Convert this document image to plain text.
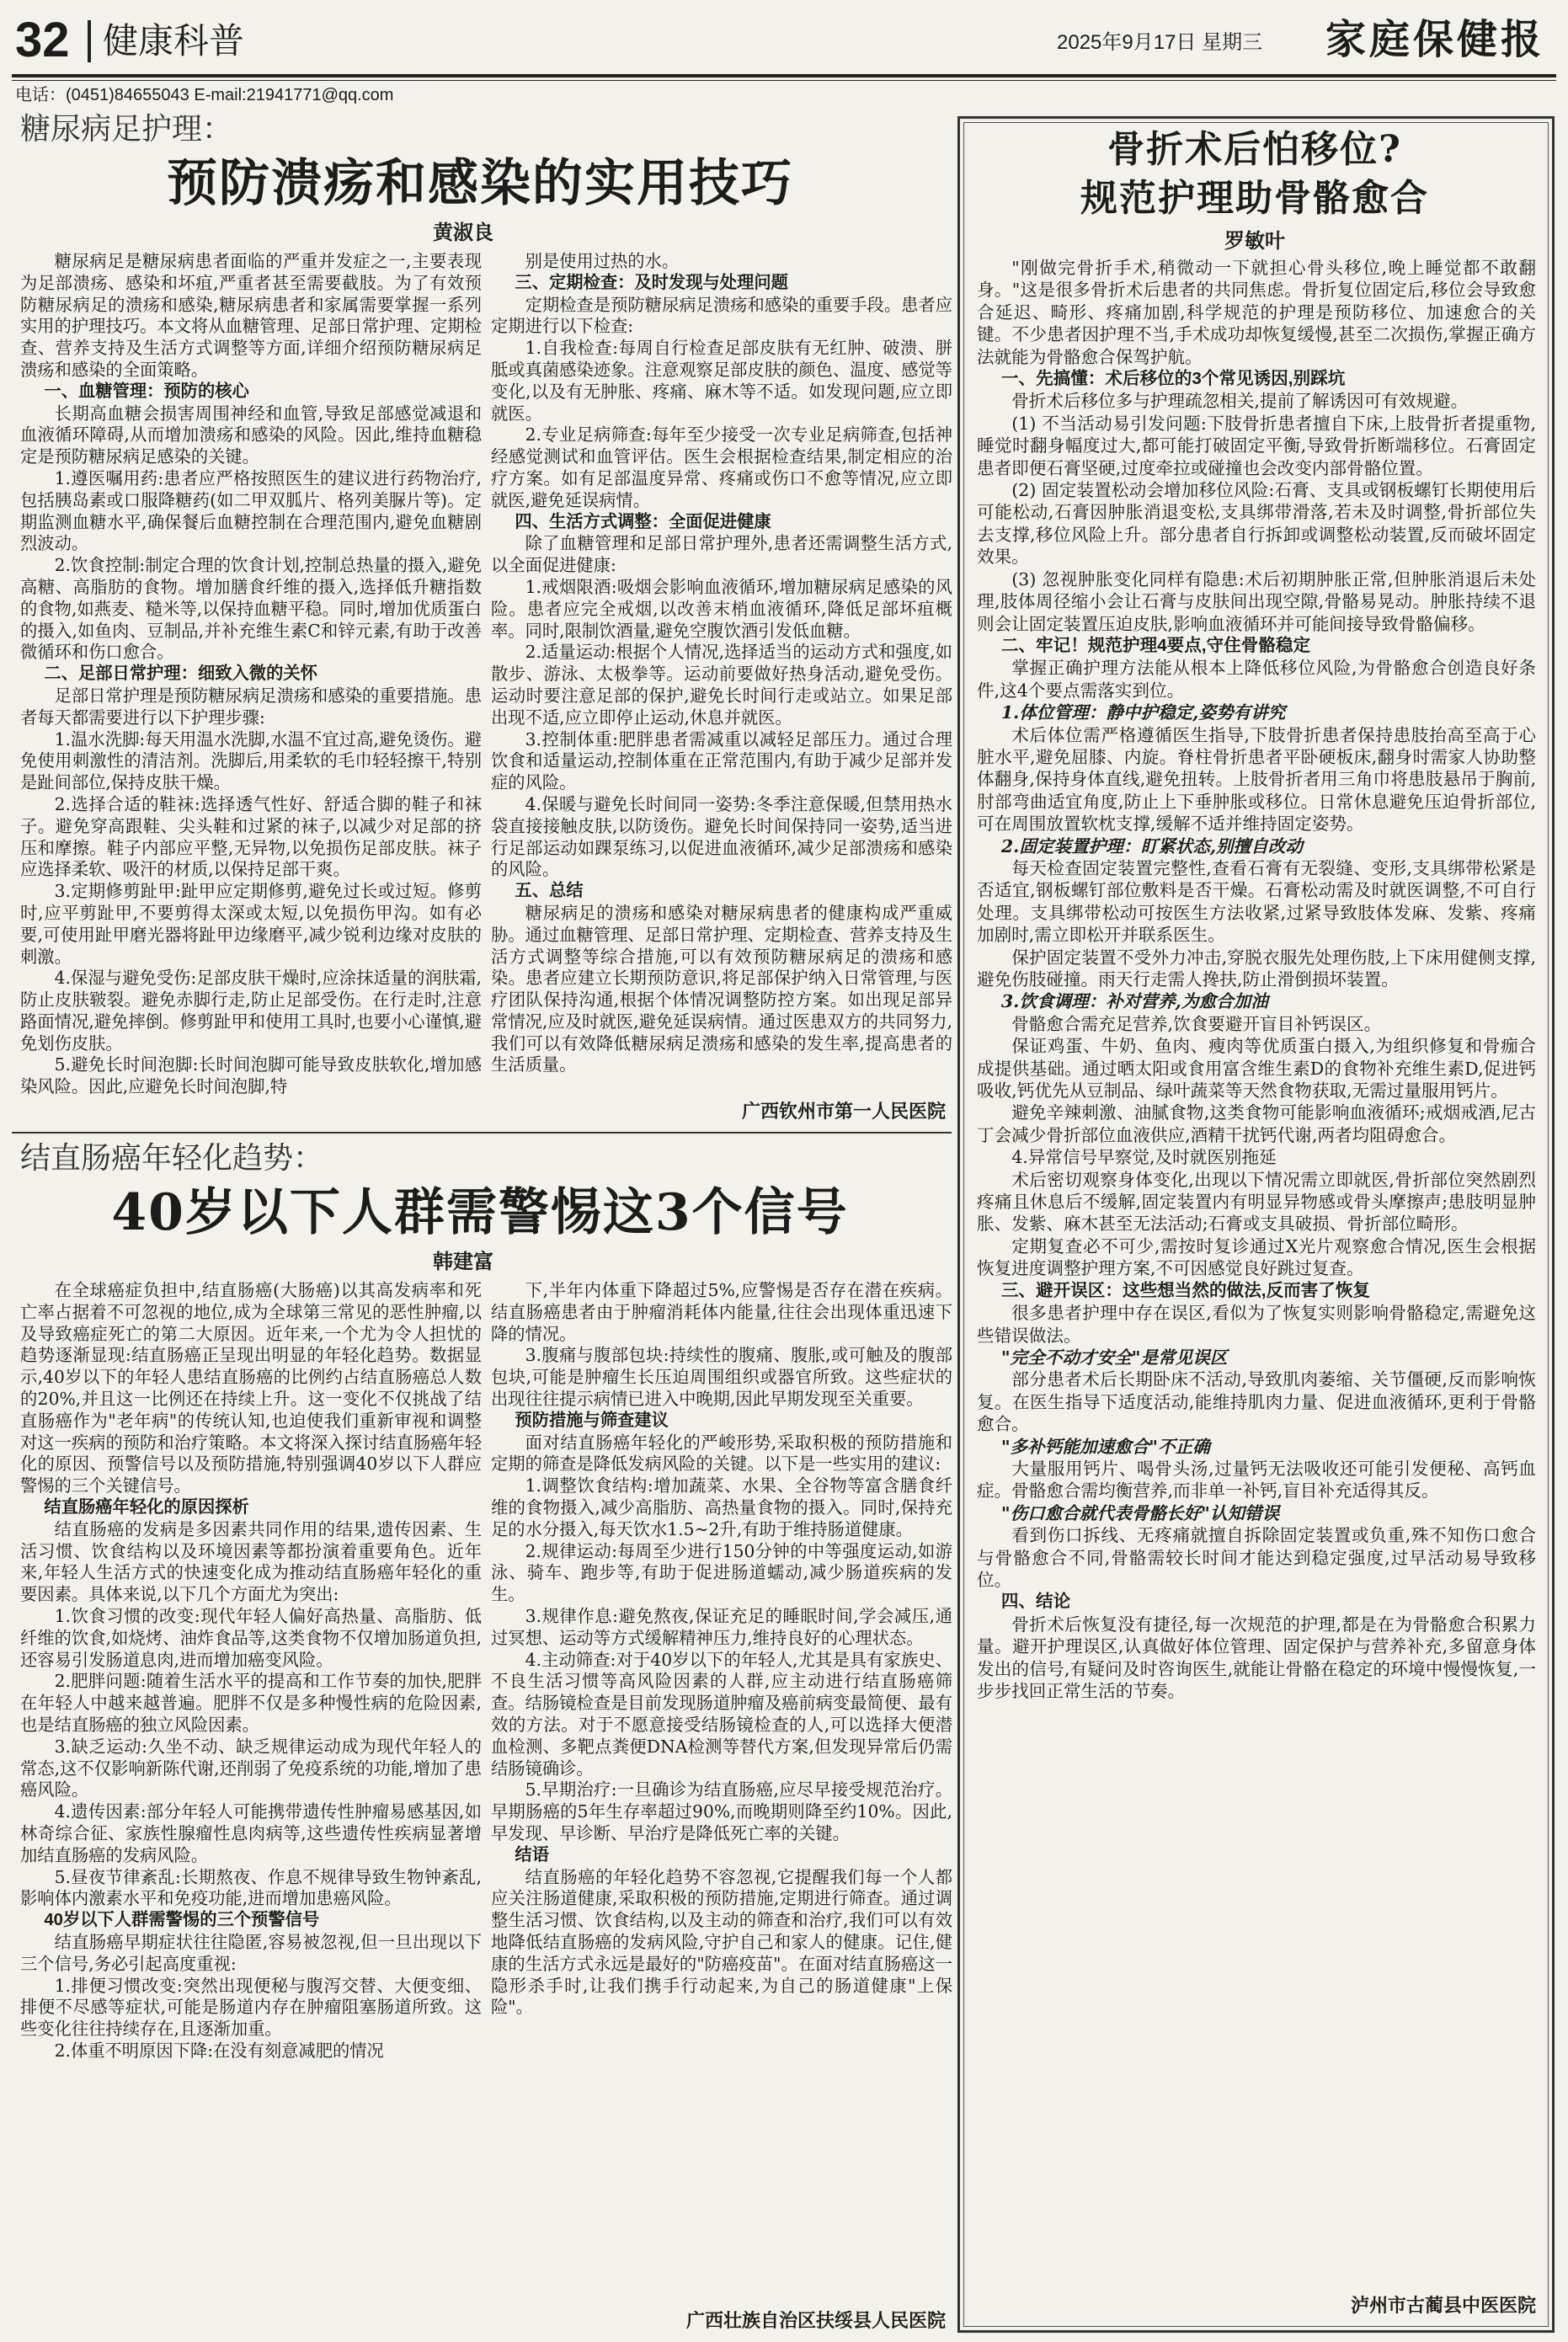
32 健康科普	2025年9月17日 星期三 家庭保健报
电话：(0451)84655043 E-mail:21941771@qq.com
糖尿病足护理：
预防溃疡和感染的实用技巧
黄淑良

糖尿病足是糖尿病患者面临的严重并发症之一,主要表现为足部溃疡、感染和坏疽,严重者甚至需要截肢。为了有效预防糖尿病足的溃疡和感染,糖尿病患者和家属需要掌握一系列实用的护理技巧。本文将从血糖管理、足部日常护理、定期检查、营养支持及生活方式调整等方面,详细介绍预防糖尿病足溃疡和感染的全面策略。

一、血糖管理：预防的核心

长期高血糖会损害周围神经和血管,导致足部感觉减退和血液循环障碍,从而增加溃疡和感染的风险。因此,维持血糖稳定是预防糖尿病足感染的关键。

1.遵医嘱用药:患者应严格按照医生的建议进行药物治疗,包括胰岛素或口服降糖药(如二甲双胍片、格列美脲片等)。定期监测血糖水平,确保餐后血糖控制在合理范围内,避免血糖剧烈波动。

2.饮食控制:制定合理的饮食计划,控制总热量的摄入,避免高糖、高脂肪的食物。增加膳食纤维的摄入,选择低升糖指数的食物,如燕麦、糙米等,以保持血糖平稳。同时,增加优质蛋白的摄入,如鱼肉、豆制品,并补充维生素C和锌元素,有助于改善微循环和伤口愈合。

二、足部日常护理：细致入微的关怀

足部日常护理是预防糖尿病足溃疡和感染的重要措施。患者每天都需要进行以下护理步骤:

1.温水洗脚:每天用温水洗脚,水温不宜过高,避免烫伤。避免使用刺激性的清洁剂。洗脚后,用柔软的毛巾轻轻擦干,特别是趾间部位,保持皮肤干燥。

2.选择合适的鞋袜:选择透气性好、舒适合脚的鞋子和袜子。避免穿高跟鞋、尖头鞋和过紧的袜子,以减少对足部的挤压和摩擦。鞋子内部应平整,无异物,以免损伤足部皮肤。袜子应选择柔软、吸汗的材质,以保持足部干爽。

3.定期修剪趾甲:趾甲应定期修剪,避免过长或过短。修剪时,应平剪趾甲,不要剪得太深或太短,以免损伤甲沟。如有必要,可使用趾甲磨光器将趾甲边缘磨平,减少锐利边缘对皮肤的刺激。

4.保湿与避免受伤:足部皮肤干燥时,应涂抹适量的润肤霜,防止皮肤皲裂。避免赤脚行走,防止足部受伤。在行走时,注意路面情况,避免摔倒。修剪趾甲和使用工具时,也要小心谨慎,避免划伤皮肤。

5.避免长时间泡脚:长时间泡脚可能导致皮肤软化,增加感染风险。因此,应避免长时间泡脚,特

别是使用过热的水。

三、定期检查：及时发现与处理问题

定期检查是预防糖尿病足溃疡和感染的重要手段。患者应定期进行以下检查:

1.自我检查:每周自行检查足部皮肤有无红肿、破溃、胼胝或真菌感染迹象。注意观察足部皮肤的颜色、温度、感觉等变化,以及有无肿胀、疼痛、麻木等不适。如发现问题,应立即就医。

2.专业足病筛查:每年至少接受一次专业足病筛查,包括神经感觉测试和血管评估。医生会根据检查结果,制定相应的治疗方案。如有足部温度异常、疼痛或伤口不愈等情况,应立即就医,避免延误病情。

四、生活方式调整：全面促进健康

除了血糖管理和足部日常护理外,患者还需调整生活方式,以全面促进健康:

1.戒烟限酒:吸烟会影响血液循环,增加糖尿病足感染的风险。患者应完全戒烟,以改善末梢血液循环,降低足部坏疽概率。同时,限制饮酒量,避免空腹饮酒引发低血糖。

2.适量运动:根据个人情况,选择适当的运动方式和强度,如散步、游泳、太极拳等。运动前要做好热身活动,避免受伤。运动时要注意足部的保护,避免长时间行走或站立。如果足部出现不适,应立即停止运动,休息并就医。

3.控制体重:肥胖患者需减重以减轻足部压力。通过合理饮食和适量运动,控制体重在正常范围内,有助于减少足部并发症的风险。

4.保暖与避免长时间同一姿势:冬季注意保暖,但禁用热水袋直接接触皮肤,以防烫伤。避免长时间保持同一姿势,适当进行足部运动如踝泵练习,以促进血液循环,减少足部溃疡和感染的风险。

五、总结

糖尿病足的溃疡和感染对糖尿病患者的健康构成严重威胁。通过血糖管理、足部日常护理、定期检查、营养支持及生活方式调整等综合措施,可以有效预防糖尿病足的溃疡和感染。患者应建立长期预防意识,将足部保护纳入日常管理,与医疗团队保持沟通,根据个体情况调整防控方案。如出现足部异常情况,应及时就医,避免延误病情。通过医患双方的共同努力,我们可以有效降低糖尿病足溃疡和感染的发生率,提高患者的生活质量。

广西钦州市第一人民医院
结直肠癌年轻化趋势：
40岁以下人群需警惕这3个信号
韩建富

在全球癌症负担中,结直肠癌(大肠癌)以其高发病率和死亡率占据着不可忽视的地位,成为全球第三常见的恶性肿瘤,以及导致癌症死亡的第二大原因。近年来,一个尤为令人担忧的趋势逐渐显现:结直肠癌正呈现出明显的年轻化趋势。数据显示,40岁以下的年轻人患结直肠癌的比例约占结直肠癌总人数的20%,并且这一比例还在持续上升。这一变化不仅挑战了结直肠癌作为"老年病"的传统认知,也迫使我们重新审视和调整对这一疾病的预防和治疗策略。本文将深入探讨结直肠癌年轻化的原因、预警信号以及预防措施,特别强调40岁以下人群应警惕的三个关键信号。

结直肠癌年轻化的原因探析

结直肠癌的发病是多因素共同作用的结果,遗传因素、生活习惯、饮食结构以及环境因素等都扮演着重要角色。近年来,年轻人生活方式的快速变化成为推动结直肠癌年轻化的重要因素。具体来说,以下几个方面尤为突出:

1.饮食习惯的改变:现代年轻人偏好高热量、高脂肪、低纤维的饮食,如烧烤、油炸食品等,这类食物不仅增加肠道负担,还容易引发肠道息肉,进而增加癌变风险。

2.肥胖问题:随着生活水平的提高和工作节奏的加快,肥胖在年轻人中越来越普遍。肥胖不仅是多种慢性病的危险因素,也是结直肠癌的独立风险因素。

3.缺乏运动:久坐不动、缺乏规律运动成为现代年轻人的常态,这不仅影响新陈代谢,还削弱了免疫系统的功能,增加了患癌风险。

4.遗传因素:部分年轻人可能携带遗传性肿瘤易感基因,如林奇综合征、家族性腺瘤性息肉病等,这些遗传性疾病显著增加结直肠癌的发病风险。

5.昼夜节律紊乱:长期熬夜、作息不规律导致生物钟紊乱,影响体内激素水平和免疫功能,进而增加患癌风险。

40岁以下人群需警惕的三个预警信号

结直肠癌早期症状往往隐匿,容易被忽视,但一旦出现以下三个信号,务必引起高度重视:

1.排便习惯改变:突然出现便秘与腹泻交替、大便变细、排便不尽感等症状,可能是肠道内存在肿瘤阻塞肠道所致。这些变化往往持续存在,且逐渐加重。

2.体重不明原因下降:在没有刻意减肥的情况

下,半年内体重下降超过5%,应警惕是否存在潜在疾病。结直肠癌患者由于肿瘤消耗体内能量,往往会出现体重迅速下降的情况。

3.腹痛与腹部包块:持续性的腹痛、腹胀,或可触及的腹部包块,可能是肿瘤生长压迫周围组织或器官所致。这些症状的出现往往提示病情已进入中晚期,因此早期发现至关重要。

预防措施与筛查建议

面对结直肠癌年轻化的严峻形势,采取积极的预防措施和定期的筛查是降低发病风险的关键。以下是一些实用的建议:

1.调整饮食结构:增加蔬菜、水果、全谷物等富含膳食纤维的食物摄入,减少高脂肪、高热量食物的摄入。同时,保持充足的水分摄入,每天饮水1.5~2升,有助于维持肠道健康。

2.规律运动:每周至少进行150分钟的中等强度运动,如游泳、骑车、跑步等,有助于促进肠道蠕动,减少肠道疾病的发生。

3.规律作息:避免熬夜,保证充足的睡眠时间,学会减压,通过冥想、运动等方式缓解精神压力,维持良好的心理状态。

4.主动筛查:对于40岁以下的年轻人,尤其是具有家族史、不良生活习惯等高风险因素的人群,应主动进行结直肠癌筛查。结肠镜检查是目前发现肠道肿瘤及癌前病变最简便、最有效的方法。对于不愿意接受结肠镜检查的人,可以选择大便潜血检测、多靶点粪便DNA检测等替代方案,但发现异常后仍需结肠镜确诊。

5.早期治疗:一旦确诊为结直肠癌,应尽早接受规范治疗。早期肠癌的5年生存率超过90%,而晚期则降至约10%。因此,早发现、早诊断、早治疗是降低死亡率的关键。

结语

结直肠癌的年轻化趋势不容忽视,它提醒我们每一个人都应关注肠道健康,采取积极的预防措施,定期进行筛查。通过调整生活习惯、饮食结构,以及主动的筛查和治疗,我们可以有效地降低结直肠癌的发病风险,守护自己和家人的健康。记住,健康的生活方式永远是最好的"防癌疫苗"。在面对结直肠癌这一隐形杀手时,让我们携手行动起来,为自己的肠道健康"上保险"。

广西壮族自治区扶绥县人民医院
骨折术后怕移位?
规范护理助骨骼愈合
罗敏叶

"刚做完骨折手术,稍微动一下就担心骨头移位,晚上睡觉都不敢翻身。"这是很多骨折术后患者的共同焦虑。骨折复位固定后,移位会导致愈合延迟、畸形、疼痛加剧,科学规范的护理是预防移位、加速愈合的关键。不少患者因护理不当,手术成功却恢复缓慢,甚至二次损伤,掌握正确方法就能为骨骼愈合保驾护航。

一、先搞懂：术后移位的3个常见诱因,别踩坑

骨折术后移位多与护理疏忽相关,提前了解诱因可有效规避。

(1) 不当活动易引发问题:下肢骨折患者擅自下床,上肢骨折者提重物,睡觉时翻身幅度过大,都可能打破固定平衡,导致骨折断端移位。石膏固定患者即便石膏坚硬,过度牵拉或碰撞也会改变内部骨骼位置。

(2) 固定装置松动会增加移位风险:石膏、支具或钢板螺钉长期使用后可能松动,石膏因肿胀消退变松,支具绑带滑落,若未及时调整,骨折部位失去支撑,移位风险上升。部分患者自行拆卸或调整松动装置,反而破坏固定效果。

(3) 忽视肿胀变化同样有隐患:术后初期肿胀正常,但肿胀消退后未处理,肢体周径缩小会让石膏与皮肤间出现空隙,骨骼易晃动。肿胀持续不退则会让固定装置压迫皮肤,影响血液循环并可能间接导致骨骼偏移。

二、牢记！规范护理4要点,守住骨骼稳定

掌握正确护理方法能从根本上降低移位风险,为骨骼愈合创造良好条件,这4个要点需落实到位。

1.体位管理：静中护稳定,姿势有讲究

术后体位需严格遵循医生指导,下肢骨折患者保持患肢抬高至高于心脏水平,避免屈膝、内旋。脊柱骨折患者平卧硬板床,翻身时需家人协助整体翻身,保持身体直线,避免扭转。上肢骨折者用三角巾将患肢悬吊于胸前,肘部弯曲适宜角度,防止上下垂肿胀或移位。日常休息避免压迫骨折部位,可在周围放置软枕支撑,缓解不适并维持固定姿势。

2.固定装置护理：盯紧状态,别擅自改动

每天检查固定装置完整性,查看石膏有无裂缝、变形,支具绑带松紧是否适宜,钢板螺钉部位敷料是否干燥。石膏松动需及时就医调整,不可自行处理。支具绑带松动可按医生方法收紧,过紧导致肢体发麻、发紫、疼痛加剧时,需立即松开并联系医生。

保护固定装置不受外力冲击,穿脱衣服先处理伤肢,上下床用健侧支撑,避免伤肢碰撞。雨天行走需人搀扶,防止滑倒损坏装置。

3.饮食调理：补对营养,为愈合加油

骨骼愈合需充足营养,饮食要避开盲目补钙误区。

保证鸡蛋、牛奶、鱼肉、瘦肉等优质蛋白摄入,为组织修复和骨痂合成提供基础。通过晒太阳或食用富含维生素D的食物补充维生素D,促进钙吸收,钙优先从豆制品、绿叶蔬菜等天然食物获取,无需过量服用钙片。

避免辛辣刺激、油腻食物,这类食物可能影响血液循环;戒烟戒酒,尼古丁会减少骨折部位血液供应,酒精干扰钙代谢,两者均阻碍愈合。

4.异常信号早察觉,及时就医别拖延

术后密切观察身体变化,出现以下情况需立即就医,骨折部位突然剧烈疼痛且休息后不缓解,固定装置内有明显异物感或骨头摩擦声;患肢明显肿胀、发紫、麻木甚至无法活动;石膏或支具破损、骨折部位畸形。

定期复查必不可少,需按时复诊通过X光片观察愈合情况,医生会根据恢复进度调整护理方案,不可因感觉良好跳过复查。

三、避开误区：这些想当然的做法,反而害了恢复

很多患者护理中存在误区,看似为了恢复实则影响骨骼稳定,需避免这些错误做法。

"完全不动才安全"是常见误区

部分患者术后长期卧床不活动,导致肌肉萎缩、关节僵硬,反而影响恢复。在医生指导下适度活动,能维持肌肉力量、促进血液循环,更利于骨骼愈合。

"多补钙能加速愈合"不正确

大量服用钙片、喝骨头汤,过量钙无法吸收还可能引发便秘、高钙血症。骨骼愈合需均衡营养,而非单一补钙,盲目补充适得其反。

"伤口愈合就代表骨骼长好"认知错误

看到伤口拆线、无疼痛就擅自拆除固定装置或负重,殊不知伤口愈合与骨骼愈合不同,骨骼需较长时间才能达到稳定强度,过早活动易导致移位。

四、结论

骨折术后恢复没有捷径,每一次规范的护理,都是在为骨骼愈合积累力量。避开护理误区,认真做好体位管理、固定保护与营养补充,多留意身体发出的信号,有疑问及时咨询医生,就能让骨骼在稳定的环境中慢慢恢复,一步步找回正常生活的节奏。

泸州市古蔺县中医医院
